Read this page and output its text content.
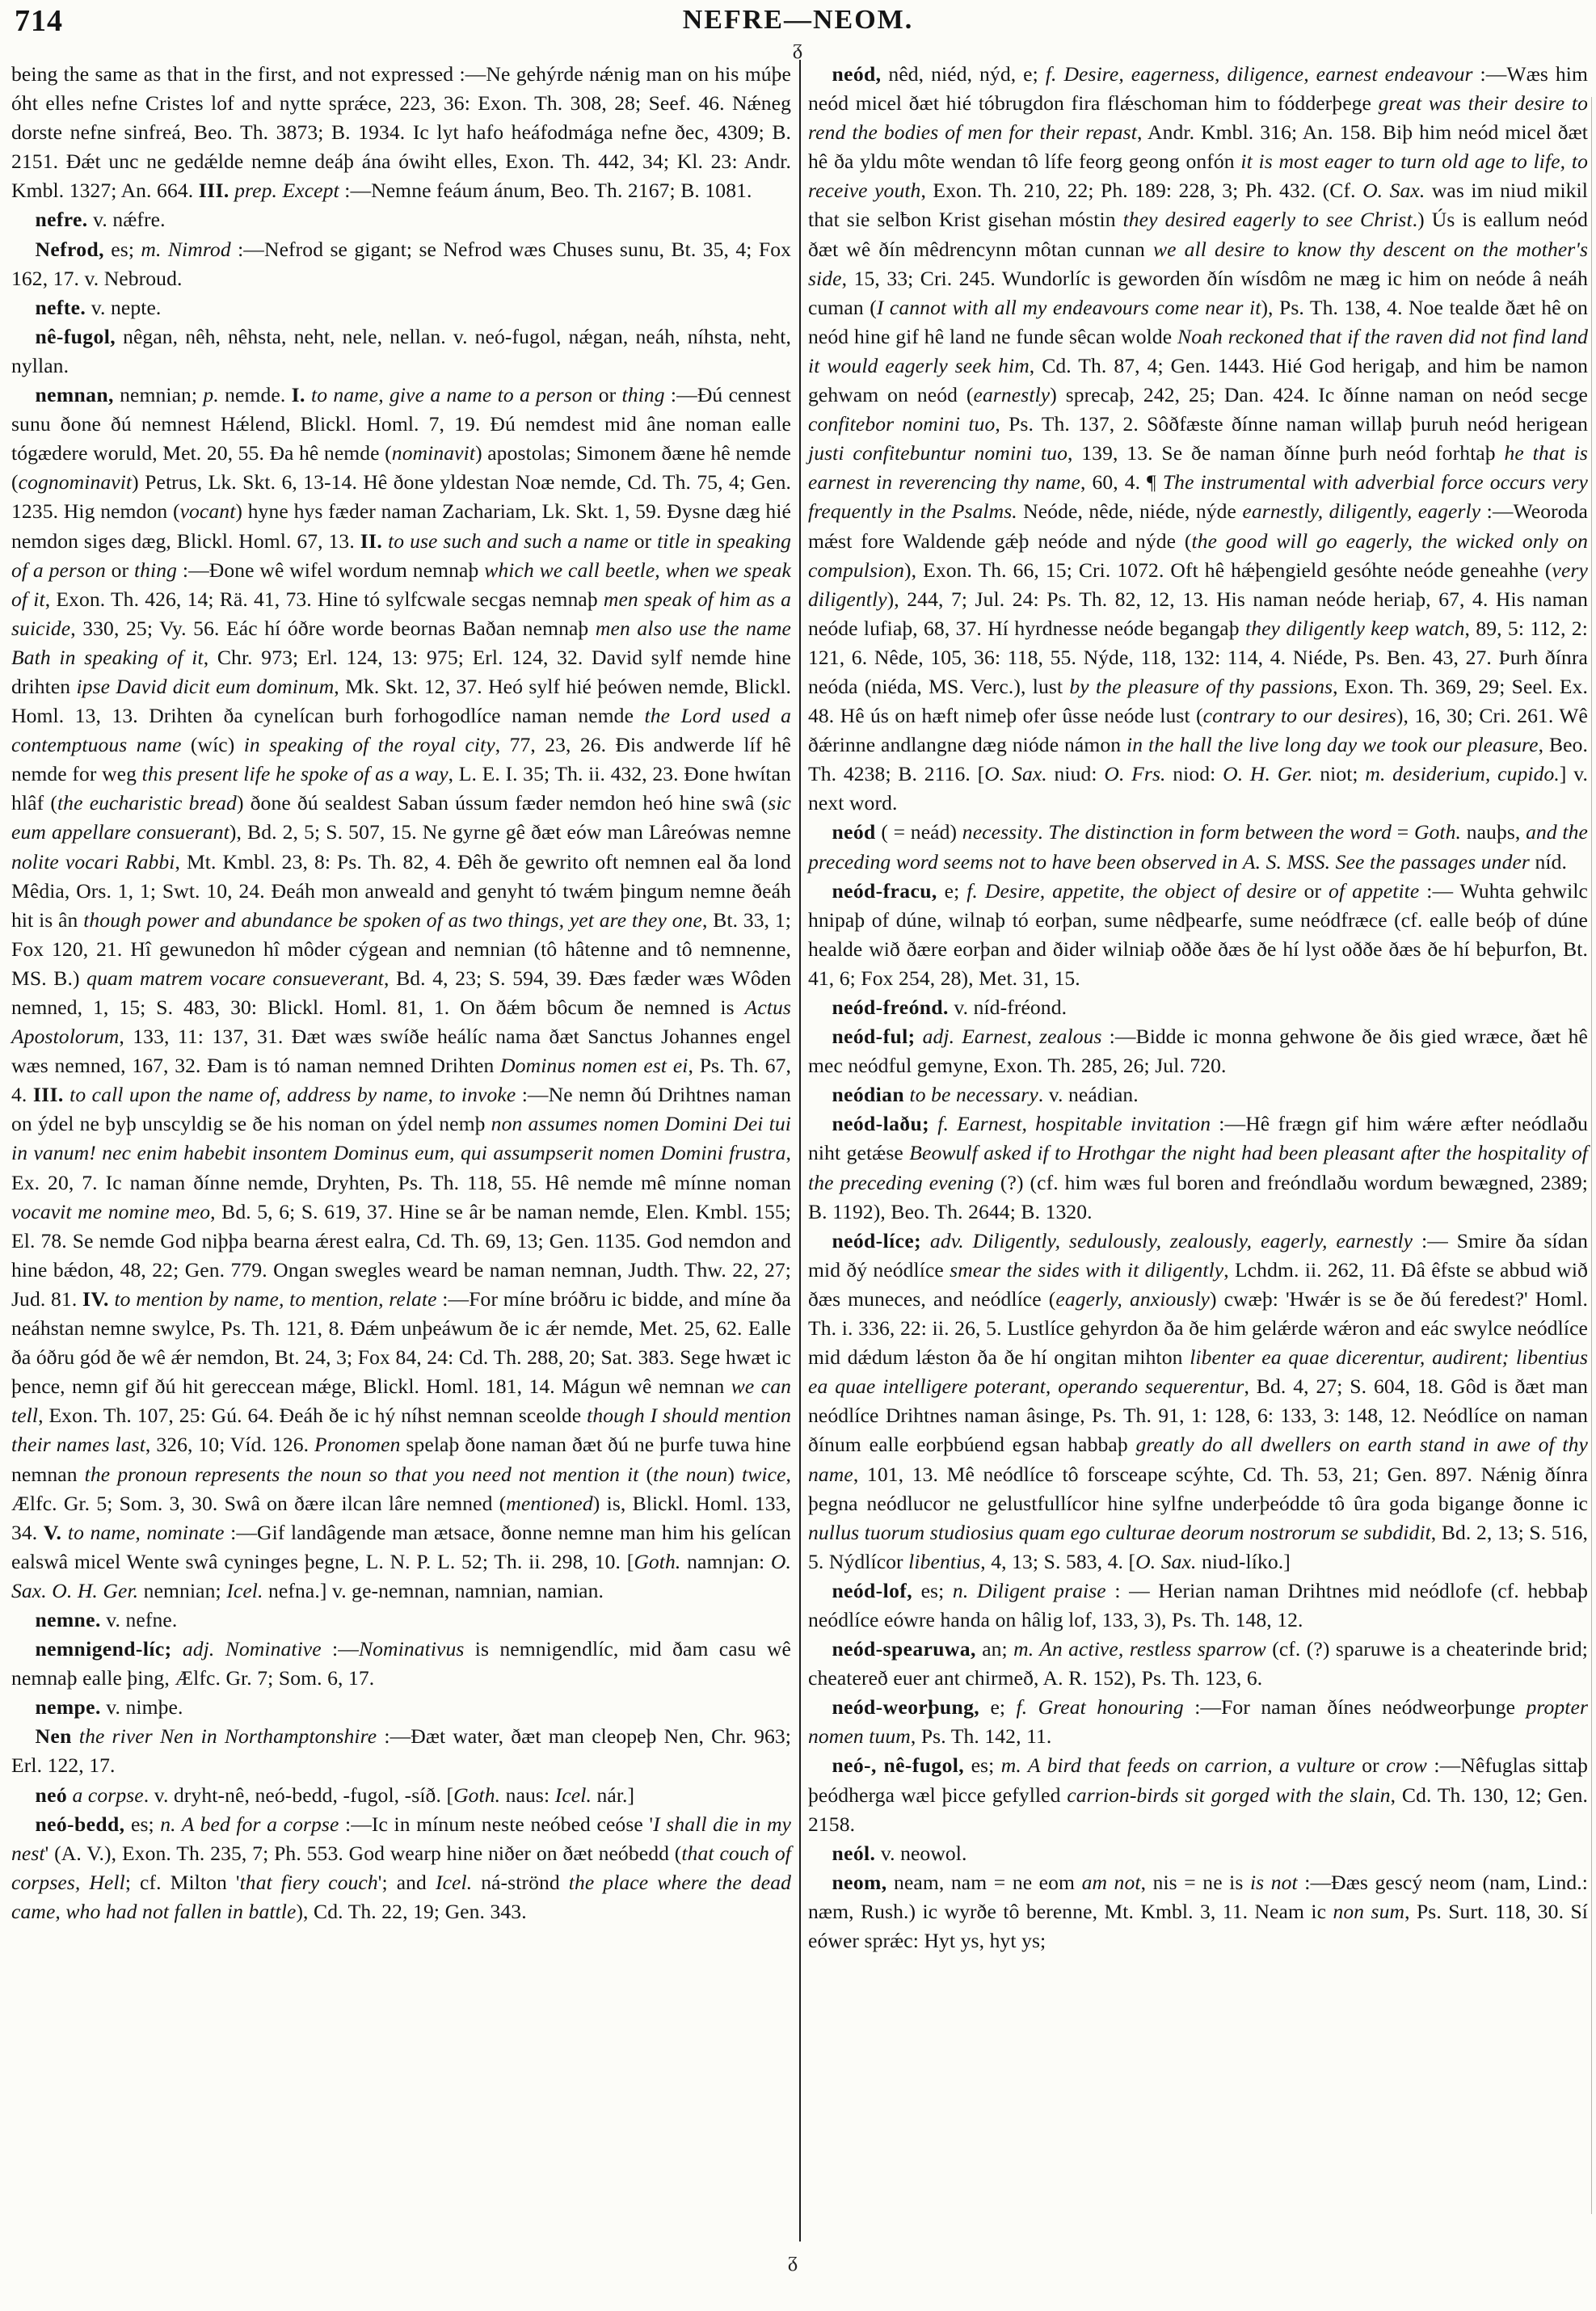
714	NEFRE—NEOM.
ᵹ
ᵹ

being the same as that in the first, and not expressed :—Ne gehýrde nǽnig man on his múþe óht elles nefne Cristes lof and nytte sprǽce, 223, 36: Exon. Th. 308, 28; Seef. 46. Nǽneg dorste nefne sinfreá, Beo. Th. 3873; B. 1934. Ic lyt hafo heáfodmága nefne ðec, 4309; B. 2151. Ðǽt unc ne gedǽlde nemne deáþ ána ówiht elles, Exon. Th. 442, 34; Kl. 23: Andr. Kmbl. 1327; An. 664. III. prep. Except :—Nemne feáum ánum, Beo. Th. 2167; B. 1081.

nefre. v. nǽfre.

Nefrod, es; m. Nimrod :—Nefrod se gigant; se Nefrod wæs Chuses sunu, Bt. 35, 4; Fox 162, 17. v. Nebroud.

nefte. v. nepte.

nê-fugol, nêgan, nêh, nêhsta, neht, nele, nellan. v. neó-fugol, nǽgan, neáh, níhsta, neht, nyllan.

nemnan, nemnian; p. nemde. I. to name, give a name to a person or thing :—Ðú cennest sunu ðone ðú nemnest Hǽlend, Blickl. Homl. 7, 19. Ðú nemdest mid âne noman ealle tógædere woruld, Met. 20, 55. Ða hê nemde (nominavit) apostolas; Simonem ðæne hê nemde (cognominavit) Petrus, Lk. Skt. 6, 13-14. Hê ðone yldestan Noæ nemde, Cd. Th. 75, 4; Gen. 1235. Hig nemdon (vocant) hyne hys fæder naman Zachariam, Lk. Skt. 1, 59. Ðysne dæg hié nemdon siges dæg, Blickl. Homl. 67, 13. II. to use such and such a name or title in speaking of a person or thing :—Ðone wê wifel wordum nemnaþ which we call beetle, when we speak of it, Exon. Th. 426, 14; Rä. 41, 73. Hine tó sylfcwale secgas nemnaþ men speak of him as a suicide, 330, 25; Vy. 56. Eác hí óðre worde beornas Baðan nemnaþ men also use the name Bath in speaking of it, Chr. 973; Erl. 124, 13: 975; Erl. 124, 32. David sylf nemde hine drihten ipse David dicit eum dominum, Mk. Skt. 12, 37. Heó sylf hié þeówen nemde, Blickl. Homl. 13, 13. Drihten ða cynelícan burh forhogodlíce naman nemde the Lord used a contemptuous name (wíc) in speaking of the royal city, 77, 23, 26. Ðis andwerde líf hê nemde for weg this present life he spoke of as a way, L. E. I. 35; Th. ii. 432, 23. Ðone hwítan hlâf (the eucharistic bread) ðone ðú sealdest Saban ússum fæder nemdon heó hine swâ (sic eum appellare consuerant), Bd. 2, 5; S. 507, 15. Ne gyrne gê ðæt eów man Lâreówas nemne nolite vocari Rabbi, Mt. Kmbl. 23, 8: Ps. Th. 82, 4. Ðêh ðe gewrito oft nemnen eal ða lond Mêdia, Ors. 1, 1; Swt. 10, 24. Ðeáh mon anweald and genyht tó twǽm þingum nemne ðeáh hit is ân though power and abundance be spoken of as two things, yet are they one, Bt. 33, 1; Fox 120, 21. Hî gewunedon hî môder cýgean and nemnian (tô hâtenne and tô nemnenne, MS. B.) quam matrem vocare consueverant, Bd. 4, 23; S. 594, 39. Ðæs fæder wæs Wôden nemned, 1, 15; S. 483, 30: Blickl. Homl. 81, 1. On ðǽm bôcum ðe nemned is Actus Apostolorum, 133, 11: 137, 31. Ðæt wæs swíðe heálíc nama ðæt Sanctus Johannes engel wæs nemned, 167, 32. Ðam is tó naman nemned Drihten Dominus nomen est ei, Ps. Th. 67, 4. III. to call upon the name of, address by name, to invoke :—Ne nemn ðú Drihtnes naman on ýdel ne byþ unscyldig se ðe his noman on ýdel nemþ non assumes nomen Domini Dei tui in vanum! nec enim habebit insontem Dominus eum, qui assumpserit nomen Domini frustra, Ex. 20, 7. Ic naman ðínne nemde, Dryhten, Ps. Th. 118, 55. Hê nemde mê mínne noman vocavit me nomine meo, Bd. 5, 6; S. 619, 37. Hine se âr be naman nemde, Elen. Kmbl. 155; El. 78. Se nemde God niþþa bearna ǽrest ealra, Cd. Th. 69, 13; Gen. 1135. God nemdon and hine bǽdon, 48, 22; Gen. 779. Ongan swegles weard be naman nemnan, Judth. Thw. 22, 27; Jud. 81. IV. to mention by name, to mention, relate :—For míne bróðru ic bidde, and míne ða neáhstan nemne swylce, Ps. Th. 121, 8. Ðǽm unþeáwum ðe ic ǽr nemde, Met. 25, 62. Ealle ða óðru gód ðe wê ǽr nemdon, Bt. 24, 3; Fox 84, 24: Cd. Th. 288, 20; Sat. 383. Sege hwæt ic þence, nemn gif ðú hit gereccean mǽge, Blickl. Homl. 181, 14. Mágun wê nemnan we can tell, Exon. Th. 107, 25: Gú. 64. Ðeáh ðe ic hý níhst nemnan sceolde though I should mention their names last, 326, 10; Víd. 126. Pronomen spelaþ ðone naman ðæt ðú ne þurfe tuwa hine nemnan the pronoun represents the noun so that you need not mention it (the noun) twice, Ælfc. Gr. 5; Som. 3, 30. Swâ on ðære ilcan lâre nemned (mentioned) is, Blickl. Homl. 133, 34. V. to name, nominate :—Gif landâgende man ætsace, ðonne nemne man him his gelícan ealswâ micel Wente swâ cyninges þegne, L. N. P. L. 52; Th. ii. 298, 10. [Goth. namnjan: O. Sax. O. H. Ger. nemnian; Icel. nefna.] v. ge-nemnan, namnian, namian.

nemne. v. nefne.

nemnigend-líc; adj. Nominative :—Nominativus is nemnigendlíc, mid ðam casu wê nemnaþ ealle þing, Ælfc. Gr. 7; Som. 6, 17.

nempe. v. nimþe.

Nen the river Nen in Northamptonshire :—Ðæt water, ðæt man cleopeþ Nen, Chr. 963; Erl. 122, 17.

neó a corpse. v. dryht-nê, neó-bedd, -fugol, -síð. [Goth. naus: Icel. nár.]

neó-bedd, es; n. A bed for a corpse :—Ic in mínum neste neóbed ceóse 'I shall die in my nest' (A. V.), Exon. Th. 235, 7; Ph. 553. God wearp hine niðer on ðæt neóbedd (that couch of corpses, Hell; cf. Milton 'that fiery couch'; and Icel. ná-strönd the place where the dead came, who had not fallen in battle), Cd. Th. 22, 19; Gen. 343.

neód, nêd, niéd, nýd, e; f. Desire, eagerness, diligence, earnest endeavour :—Wæs him neód micel ðæt hié tóbrugdon fira flǽschoman him to fódderþege great was their desire to rend the bodies of men for their repast, Andr. Kmbl. 316; An. 158. Biþ him neód micel ðæt hê ða yldu môte wendan tô lífe feorg geong onfón it is most eager to turn old age to life, to receive youth, Exon. Th. 210, 22; Ph. 189: 228, 3; Ph. 432. (Cf. O. Sax. was im niud mikil that sie selƀon Krist gisehan móstin they desired eagerly to see Christ.) Ús is eallum neód ðæt wê ðín mêdrencynn môtan cunnan we all desire to know thy descent on the mother's side, 15, 33; Cri. 245. Wundorlíc is geworden ðín wísdôm ne mæg ic him on neóde â neáh cuman (I cannot with all my endeavours come near it), Ps. Th. 138, 4. Noe tealde ðæt hê on neód hine gif hê land ne funde sêcan wolde Noah reckoned that if the raven did not find land it would eagerly seek him, Cd. Th. 87, 4; Gen. 1443. Hié God herigaþ, and him be namon gehwam on neód (earnestly) sprecaþ, 242, 25; Dan. 424. Ic ðínne naman on neód secge confitebor nomini tuo, Ps. Th. 137, 2. Sôðfæste ðínne naman willaþ þuruh neód herigean justi confitebuntur nomini tuo, 139, 13. Se ðe naman ðínne þurh neód forhtaþ he that is earnest in reverencing thy name, 60, 4. ¶ The instrumental with adverbial force occurs very frequently in the Psalms. Neóde, nêde, niéde, nýde earnestly, diligently, eagerly :—Weoroda mǽst fore Waldende gǽþ neóde and nýde (the good will go eagerly, the wicked only on compulsion), Exon. Th. 66, 15; Cri. 1072. Oft hê hǽþengield gesóhte neóde geneahhe (very diligently), 244, 7; Jul. 24: Ps. Th. 82, 12, 13. His naman neóde heriaþ, 67, 4. His naman neóde lufiaþ, 68, 37. Hí hyrdnesse neóde begangaþ they diligently keep watch, 89, 5: 112, 2: 121, 6. Nêde, 105, 36: 118, 55. Nýde, 118, 132: 114, 4. Niéde, Ps. Ben. 43, 27. Þurh ðínra neóda (niéda, MS. Verc.), lust by the pleasure of thy passions, Exon. Th. 369, 29; Seel. Ex. 48. Hê ús on hæft nimeþ ofer ûsse neóde lust (contrary to our desires), 16, 30; Cri. 261. Wê ðǽrinne andlangne dæg nióde námon in the hall the live long day we took our pleasure, Beo. Th. 4238; B. 2116. [O. Sax. niud: O. Frs. niod: O. H. Ger. niot; m. desiderium, cupido.] v. next word.

neód ( = neád) necessity. The distinction in form between the word = Goth. nauþs, and the preceding word seems not to have been observed in A. S. MSS. See the passages under níd.

neód-fracu, e; f. Desire, appetite, the object of desire or of appetite :— Wuhta gehwilc hnipaþ of dúne, wilnaþ tó eorþan, sume nêdþearfe, sume neódfræce (cf. ealle beóþ of dúne healde wið ðære eorþan and ðider wilniaþ oððe ðæs ðe hí lyst oððe ðæs ðe hí beþurfon, Bt. 41, 6; Fox 254, 28), Met. 31, 15.

neód-freónd. v. níd-fréond.

neód-ful; adj. Earnest, zealous :—Bidde ic monna gehwone ðe ðis gied wræce, ðæt hê mec neódful gemyne, Exon. Th. 285, 26; Jul. 720.

neódian to be necessary. v. neádian.

neód-laðu; f. Earnest, hospitable invitation :—Hê frægn gif him wǽre æfter neódlaðu niht getǽse Beowulf asked if to Hrothgar the night had been pleasant after the hospitality of the preceding evening (?) (cf. him wæs ful boren and freóndlaðu wordum bewægned, 2389; B. 1192), Beo. Th. 2644; B. 1320.

neód-líce; adv. Diligently, sedulously, zealously, eagerly, earnestly :— Smire ða sídan mid ðý neódlíce smear the sides with it diligently, Lchdm. ii. 262, 11. Ðâ êfste se abbud wið ðæs muneces, and neódlíce (eagerly, anxiously) cwæþ: 'Hwǽr is se ðe ðú feredest?' Homl. Th. i. 336, 22: ii. 26, 5. Lustlíce gehyrdon ða ðe him gelǽrde wǽron and eác swylce neódlíce mid dǽdum lǽston ða ðe hí ongitan mihton libenter ea quae dicerentur, audirent; libentius ea quae intelligere poterant, operando sequerentur, Bd. 4, 27; S. 604, 18. Gôd is ðæt man neódlíce Drihtnes naman âsinge, Ps. Th. 91, 1: 128, 6: 133, 3: 148, 12. Neódlíce on naman ðínum ealle eorþbúend egsan habbaþ greatly do all dwellers on earth stand in awe of thy name, 101, 13. Mê neódlíce tô forsceape scýhte, Cd. Th. 53, 21; Gen. 897. Nǽnig ðínra þegna neódlucor ne gelustfullícor hine sylfne underþeódde tô ûra goda bigange ðonne ic nullus tuorum studiosius quam ego culturae deorum nostrorum se subdidit, Bd. 2, 13; S. 516, 5. Nýdlícor libentius, 4, 13; S. 583, 4. [O. Sax. niud-líko.]

neód-lof, es; n. Diligent praise : — Herian naman Drihtnes mid neódlofe (cf. hebbaþ neódlíce eówre handa on hâlig lof, 133, 3), Ps. Th. 148, 12.

neód-spearuwa, an; m. An active, restless sparrow (cf. (?) sparuwe is a cheaterinde brid; cheatereð euer ant chirmeð, A. R. 152), Ps. Th. 123, 6.

neód-weorþung, e; f. Great honouring :—For naman ðínes neódweorþunge propter nomen tuum, Ps. Th. 142, 11.

neó-, nê-fugol, es; m. A bird that feeds on carrion, a vulture or crow :—Nêfuglas sittaþ þeódherga wæl þicce gefylled carrion-birds sit gorged with the slain, Cd. Th. 130, 12; Gen. 2158.

neól. v. neowol.

neom, neam, nam = ne eom am not, nis = ne is is not :—Ðæs gescý neom (nam, Lind.: næm, Rush.) ic wyrðe tô berenne, Mt. Kmbl. 3, 11. Neam ic non sum, Ps. Surt. 118, 30. Sí eówer sprǽc: Hyt ys, hyt ys;
